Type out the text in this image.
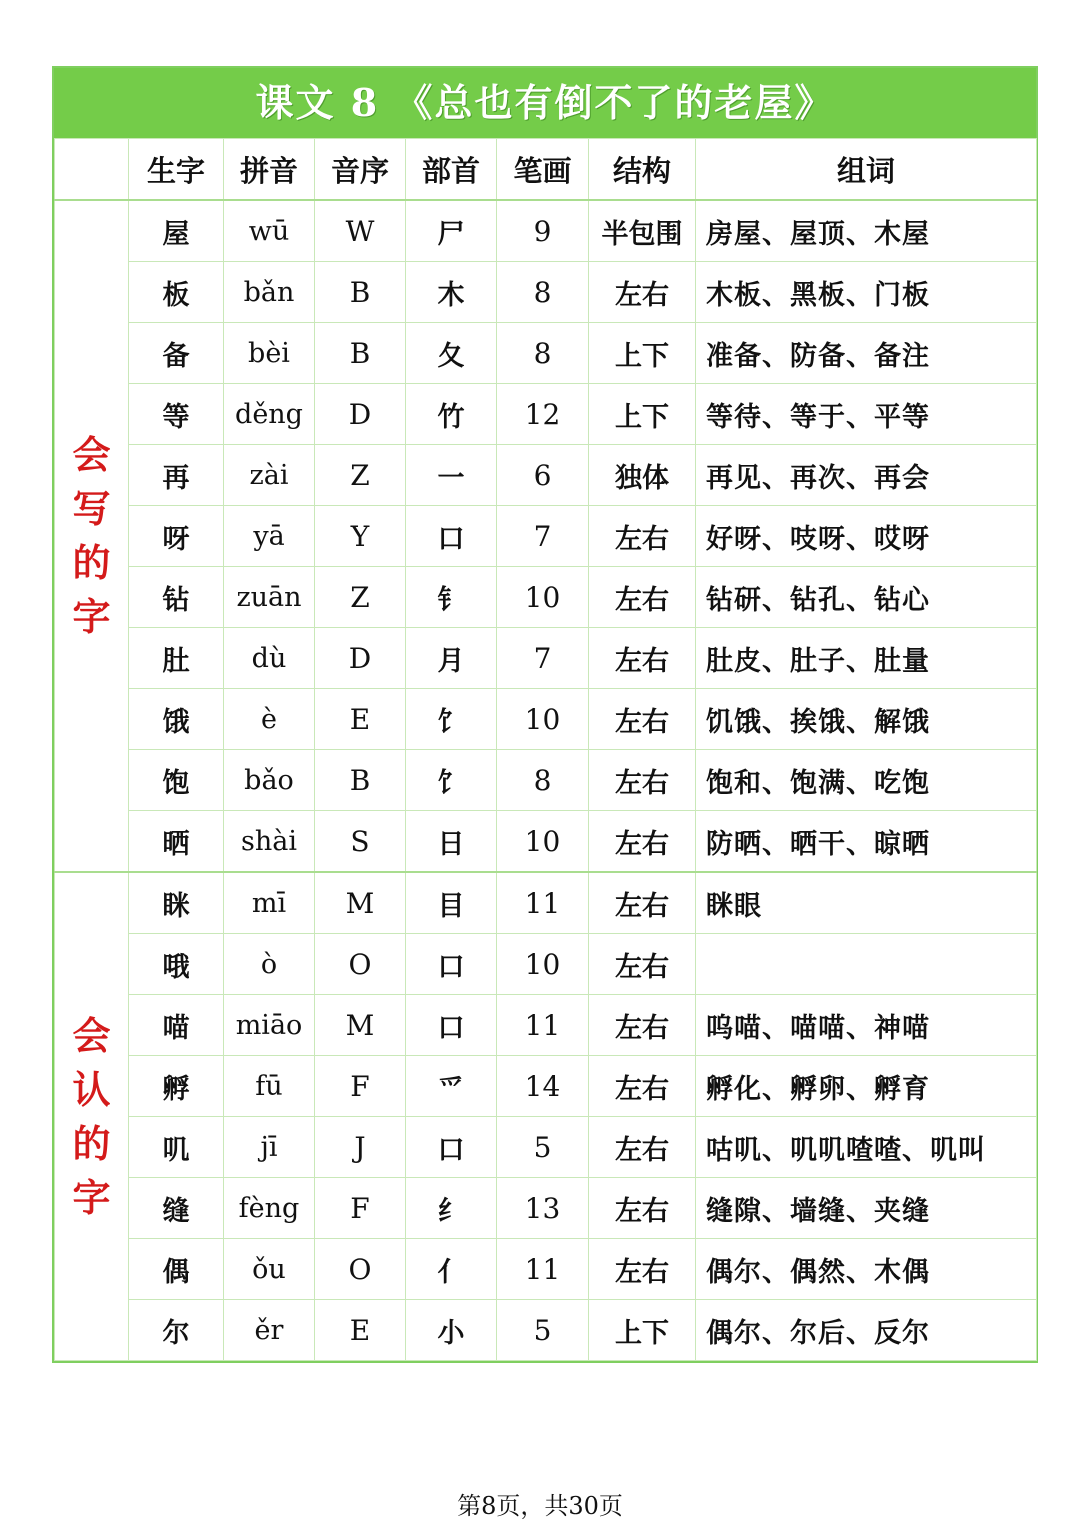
课文 8 《总也有倒不了的老屋》
	生字	拼音	音序	部首	笔画	结构	组词

会
写
的
字	屋	wū	W	尸	9	半包围	房屋、屋顶、木屋
	板	bǎn	B	木	8	左右	木板、黑板、门板
	备	bèi	B	夂	8	上下	准备、防备、备注
	等	děng	D	竹	12	上下	等待、等于、平等
	再	zài	Z	一	6	独体	再见、再次、再会
	呀	yā	Y	口	7	左右	好呀、吱呀、哎呀
	钻	zuān	Z	钅	10	左右	钻研、钻孔、钻心
	肚	dù	D	月	7	左右	肚皮、肚子、肚量
	饿	è	E	饣	10	左右	饥饿、挨饿、解饿
	饱	bǎo	B	饣	8	左右	饱和、饱满、吃饱
	晒	shài	S	日	10	左右	防晒、晒干、晾晒

会
认
的
字	眯	mī	M	目	11	左右	眯眼
	哦	ò	O	口	10	左右	
	喵	miāo	M	口	11	左右	呜喵、喵喵、神喵
	孵	fū	F	爫	14	左右	孵化、孵卵、孵育
	叽	jī	J	口	5	左右	咕叽、叽叽喳喳、叽叫
	缝	fèng	F	纟	13	左右	缝隙、墙缝、夹缝
	偶	ǒu	O	亻	11	左右	偶尔、偶然、木偶
	尔	ěr	E	小	5	上下	偶尔、尔后、反尔
第8页，共30页
